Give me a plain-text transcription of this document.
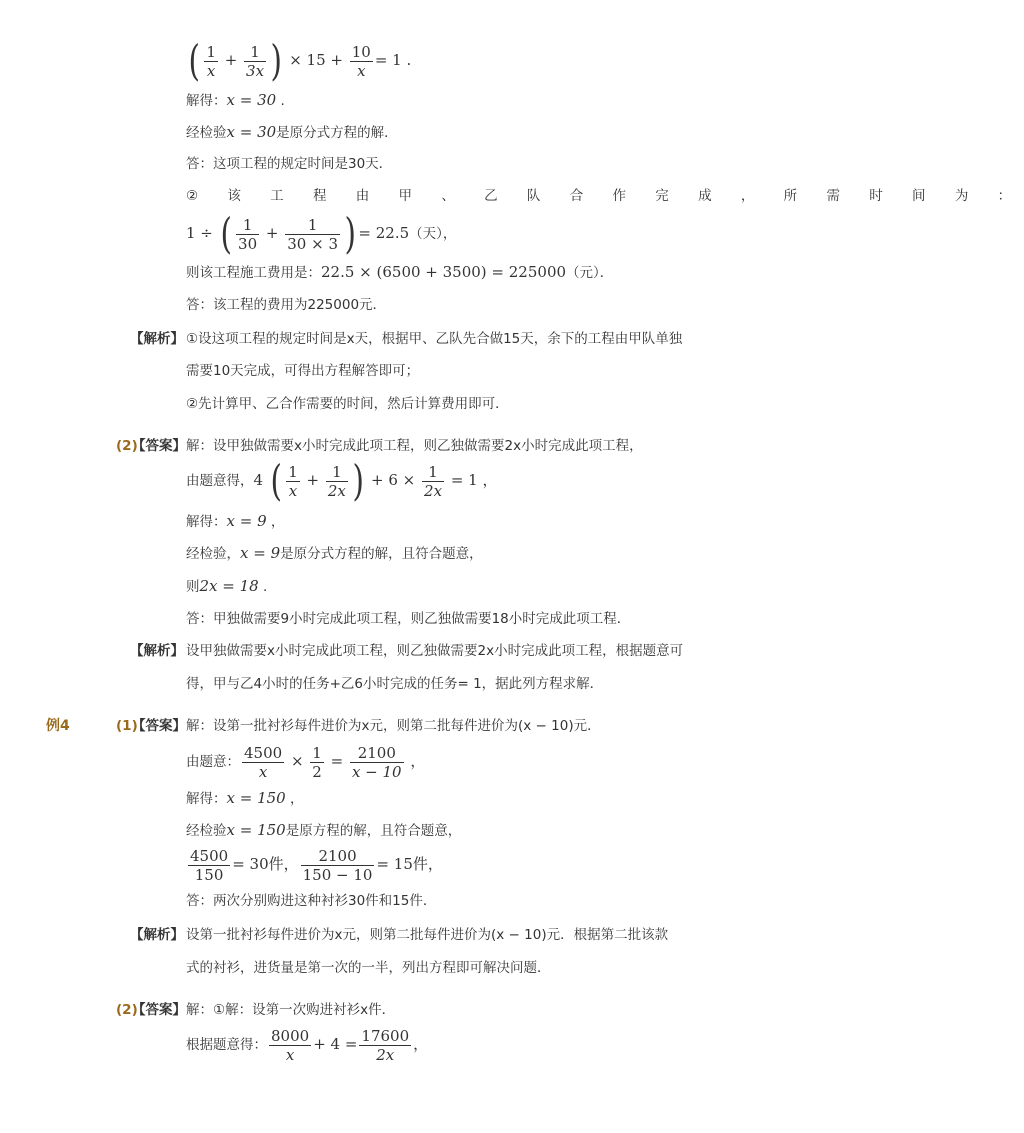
( $\frac{1}{x} + \frac{1}{3x}$ ) × $15 + \frac{10}{x} = 1$ .
解得：x = 30 .
经检验x = 30是原分式方程的解．
答：这项工程的规定时间是30天．
② 该 工 程 由 甲 、 乙 队 合 作 完 成 ， 所 需 时 间 为 ：
1 ÷ ( $\frac{1}{30} + \frac{1}{30 \times 3}$ ) = 22.5（天），
则该工程施工费用是：22.5 × (6500 + 3500) = 225000（元）．
答：该工程的费用为225000元．
【解析】 ①设这项工程的规定时间是x天，根据甲、乙队先合做15天，余下的工程由甲队单独
需要10天完成，可得出方程解答即可；
②先计算甲、乙合作需要的时间，然后计算费用即可．
(2)
【答案】 解：设甲独做需要x小时完成此项工程，则乙独做需要2x小时完成此项工程，
由题意得，4 ( $\frac{1}{x} + \frac{1}{2x}$ ) + $6 \times \frac{1}{2x} = 1$ ，
解得：x = 9 ，
经检验，x = 9是原分式方程的解，且符合题意，
则2x = 18 .
答：甲独做需要9小时完成此项工程，则乙独做需要18小时完成此项工程．
【解析】 设甲独做需要x小时完成此项工程，则乙独做需要2x小时完成此项工程，根据题意可
得，甲与乙4小时的任务+乙6小时完成的任务= 1，据此列方程求解．
例4	(1)
【答案】 解：设第一批衬衫每件进价为x元，则第二批每件进价为(x − 10)元．
由题意： $\frac{4500}{x} \times \frac{1}{2} = \frac{2100}{x - 10}$ ，
解得：x = 150 ，
经检验x = 150是原方程的解，且符合题意，
$\frac{4500}{150} = 30$件， $\frac{2100}{150 - 10} = 15$件，
答：两次分别购进这种衬衫30件和15件．
【解析】 设第一批衬衫每件进价为x元，则第二批每件进价为(x − 10)元．根据第二批该款
式的衬衫，进货量是第一次的一半，列出方程即可解决问题．
(2)
【答案】 解：①解：设第一次购进衬衫x件．
根据题意得： $\frac{8000}{x} + 4 = \frac{17600}{2x}$ ，
